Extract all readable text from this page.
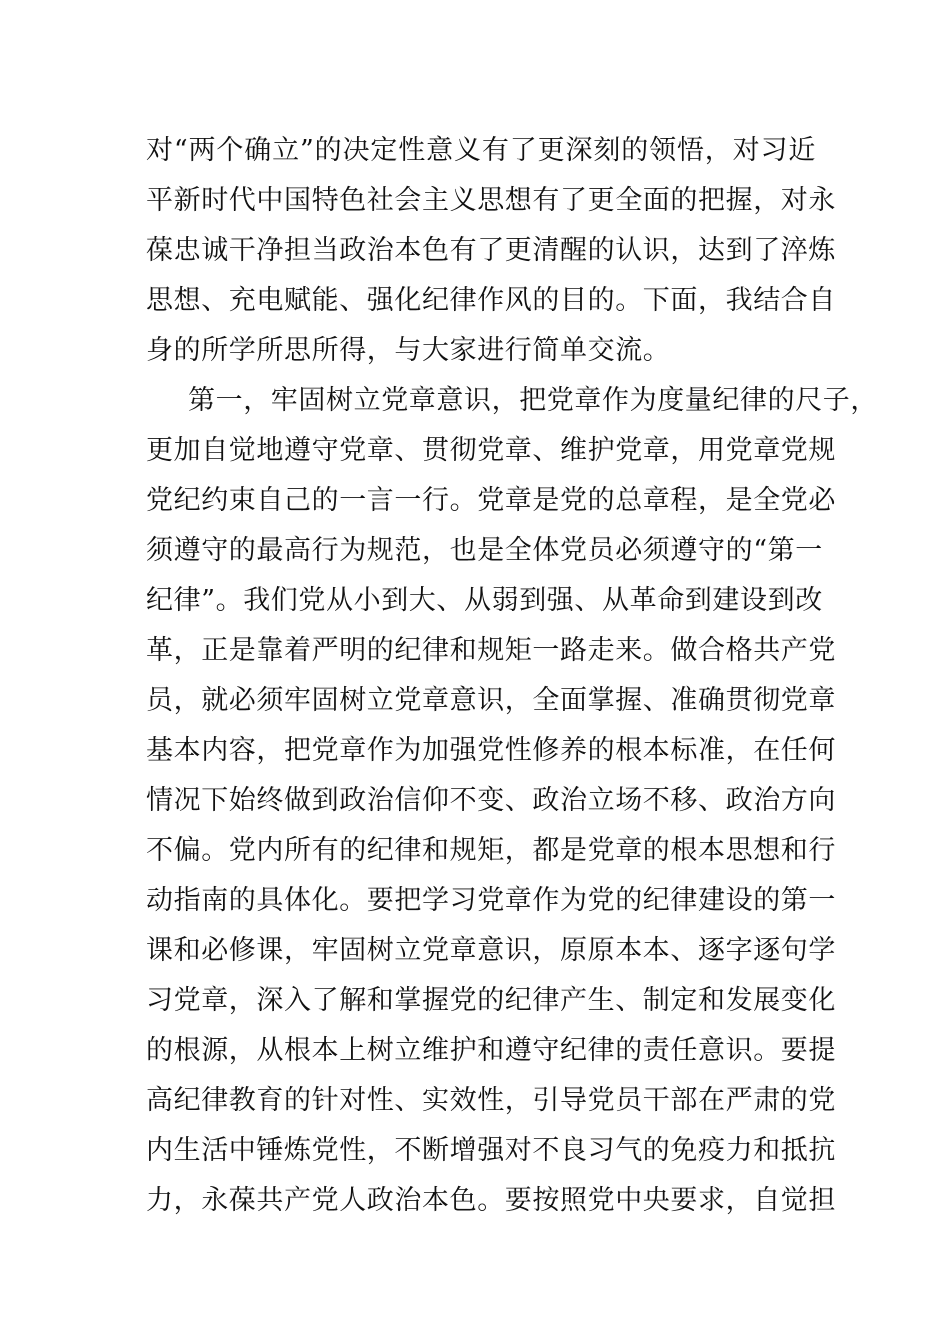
对“两个确立”的决定性意义有了更深刻的领悟，对习近
平新时代中国特色社会主义思想有了更全面的把握，对永
葆忠诚干净担当政治本色有了更清醒的认识，达到了淬炼
思想、充电赋能、强化纪律作风的目的。下面，我结合自
身的所学所思所得，与大家进行简单交流。
第一，牢固树立党章意识，把党章作为度量纪律的尺子，
更加自觉地遵守党章、贯彻党章、维护党章，用党章党规
党纪约束自己的一言一行。党章是党的总章程，是全党必
须遵守的最高行为规范，也是全体党员必须遵守的“第一
纪律”。我们党从小到大、从弱到强、从革命到建设到改
革，正是靠着严明的纪律和规矩一路走来。做合格共产党
员，就必须牢固树立党章意识，全面掌握、准确贯彻党章
基本内容，把党章作为加强党性修养的根本标准，在任何
情况下始终做到政治信仰不变、政治立场不移、政治方向
不偏。党内所有的纪律和规矩，都是党章的根本思想和行
动指南的具体化。要把学习党章作为党的纪律建设的第一
课和必修课，牢固树立党章意识，原原本本、逐字逐句学
习党章，深入了解和掌握党的纪律产生、制定和发展变化
的根源，从根本上树立维护和遵守纪律的责任意识。要提
高纪律教育的针对性、实效性，引导党员干部在严肃的党
内生活中锤炼党性，不断增强对不良习气的免疫力和抵抗
力，永葆共产党人政治本色。要按照党中央要求，自觉担
